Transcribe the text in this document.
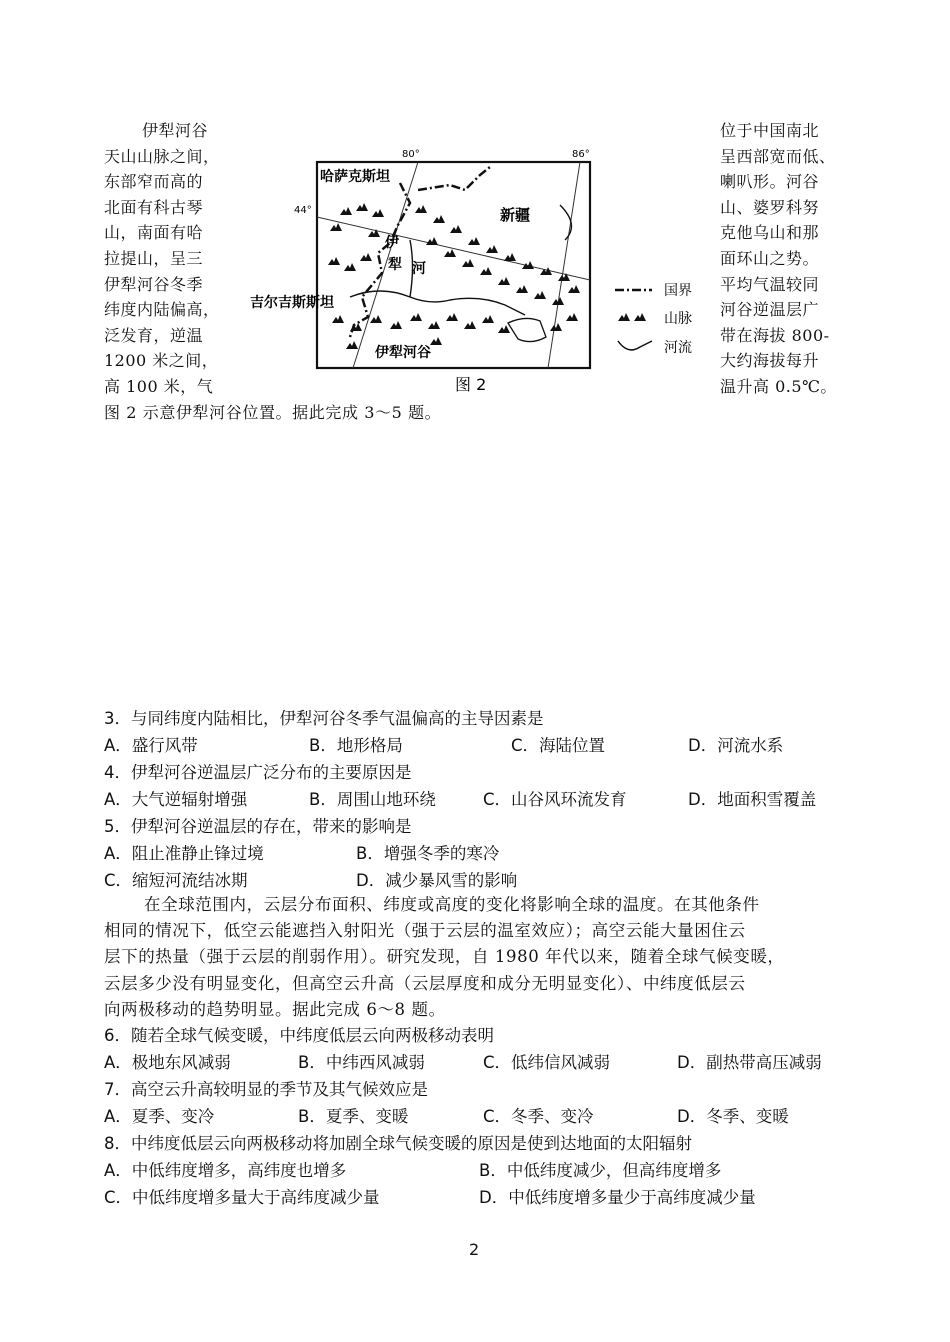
伊犁河谷
天山山脉之间，
东部窄而高的
北面有科古琴
山，南面有哈
拉提山，呈三
伊犁河谷冬季
纬度内陆偏高，
泛发育，逆温
1200 米之间，
高 100 米，气
位于中国南北
呈西部宽而低、
喇叭形。河谷
山、婆罗科努
克他乌山和那
面环山之势。
平均气温较同
河谷逆温层广
带在海拔 800-
大约海拔每升
温升高 0.5℃。
80°	86°
44°
哈萨克斯坦
新疆
吉尔吉斯斯坦
伊犁河谷
伊
犁 河
国界
山脉
河流
图 2
图 2 示意伊犁河谷位置。据此完成 3～5 题。
3．与同纬度内陆相比，伊犁河谷冬季气温偏高的主导因素是
A．盛行风带	B．地形格局	C．海陆位置	D．河流水系
4．伊犁河谷逆温层广泛分布的主要原因是
A．大气逆辐射增强	B．周围山地环绕	C．山谷风环流发育	D．地面积雪覆盖
5．伊犁河谷逆温层的存在，带来的影响是
A．阻止准静止锋过境	B．增强冬季的寒冷
C．缩短河流结冰期	D．减少暴风雪的影响
在全球范围内，云层分布面积、纬度或高度的变化将影响全球的温度。在其他条件
相同的情况下，低空云能遮挡入射阳光（强于云层的温室效应）；高空云能大量困住云
层下的热量（强于云层的削弱作用）。研究发现，自 1980 年代以来，随着全球气候变暖，
云层多少没有明显变化，但高空云升高（云层厚度和成分无明显变化）、中纬度低层云
向两极移动的趋势明显。据此完成 6～8 题。
6．随若全球气候变暖，中纬度低层云向两极移动表明
A．极地东风减弱	B．中纬西风减弱	C．低纬信风减弱	D．副热带高压减弱
7．高空云升高较明显的季节及其气候效应是
A．夏季、变冷	B．夏季、变暖	C．冬季、变冷	D．冬季、变暖
8．中纬度低层云向两极移动将加剧全球气候变暖的原因是使到达地面的太阳辐射
A．中低纬度增多，高纬度也增多	B．中低纬度减少，但高纬度增多
C．中低纬度增多量大于高纬度减少量	D．中低纬度增多量少于高纬度减少量
2
